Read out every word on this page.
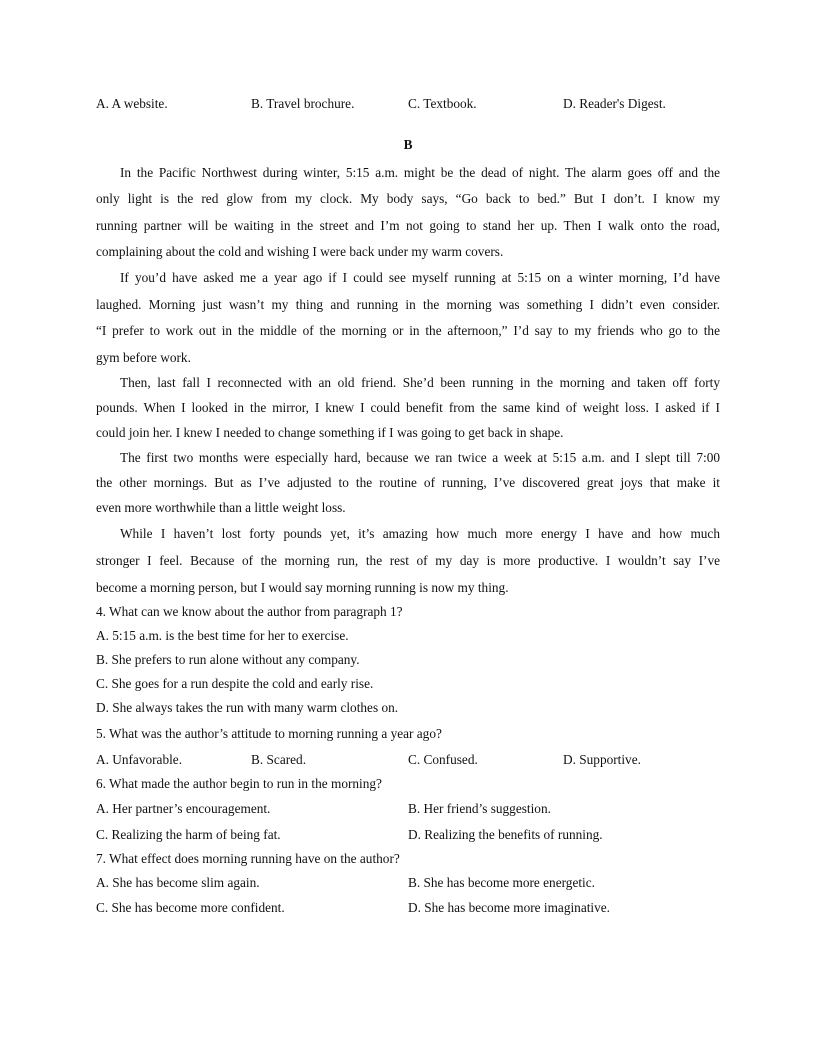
A. A website.	B. Travel brochure.	C. Textbook.	D. Reader's Digest.
B
In the Pacific Northwest during winter, 5:15 a.m. might be the dead of night. The alarm goes off and the
only light is the red glow from my clock. My body says, “Go back to bed.” But I don’t. I know my
running partner will be waiting in the street and I’m not going to stand her up. Then I walk onto the road,
complaining about the cold and wishing I were back under my warm covers.
If you’d have asked me a year ago if I could see myself running at 5:15 on a winter morning, I’d have
laughed. Morning just wasn’t my thing and running in the morning was something I didn’t even consider.
“I prefer to work out in the middle of the morning or in the afternoon,” I’d say to my friends who go to the
gym before work.
Then, last fall I reconnected with an old friend. She’d been running in the morning and taken off forty
pounds. When I looked in the mirror, I knew I could benefit from the same kind of weight loss. I asked if I
could join her. I knew I needed to change something if I was going to get back in shape.
The first two months were especially hard, because we ran twice a week at 5:15 a.m. and I slept till 7:00
the other mornings. But as I’ve adjusted to the routine of running, I’ve discovered great joys that make it
even more worthwhile than a little weight loss.
While I haven’t lost forty pounds yet, it’s amazing how much more energy I have and how much
stronger I feel. Because of the morning run, the rest of my day is more productive. I wouldn’t say I’ve
become a morning person, but I would say morning running is now my thing.
4. What can we know about the author from paragraph 1?
A. 5:15 a.m. is the best time for her to exercise.
B. She prefers to run alone without any company.
C. She goes for a run despite the cold and early rise.
D. She always takes the run with many warm clothes on.
5. What was the author’s attitude to morning running a year ago?
A. Unfavorable.	B. Scared.	C. Confused.	D. Supportive.
6. What made the author begin to run in the morning?
A. Her partner’s encouragement.	B. Her friend’s suggestion.
C. Realizing the harm of being fat.	D. Realizing the benefits of running.
7. What effect does morning running have on the author?
A. She has become slim again.	B. She has become more energetic.
C. She has become more confident.	D. She has become more imaginative.
